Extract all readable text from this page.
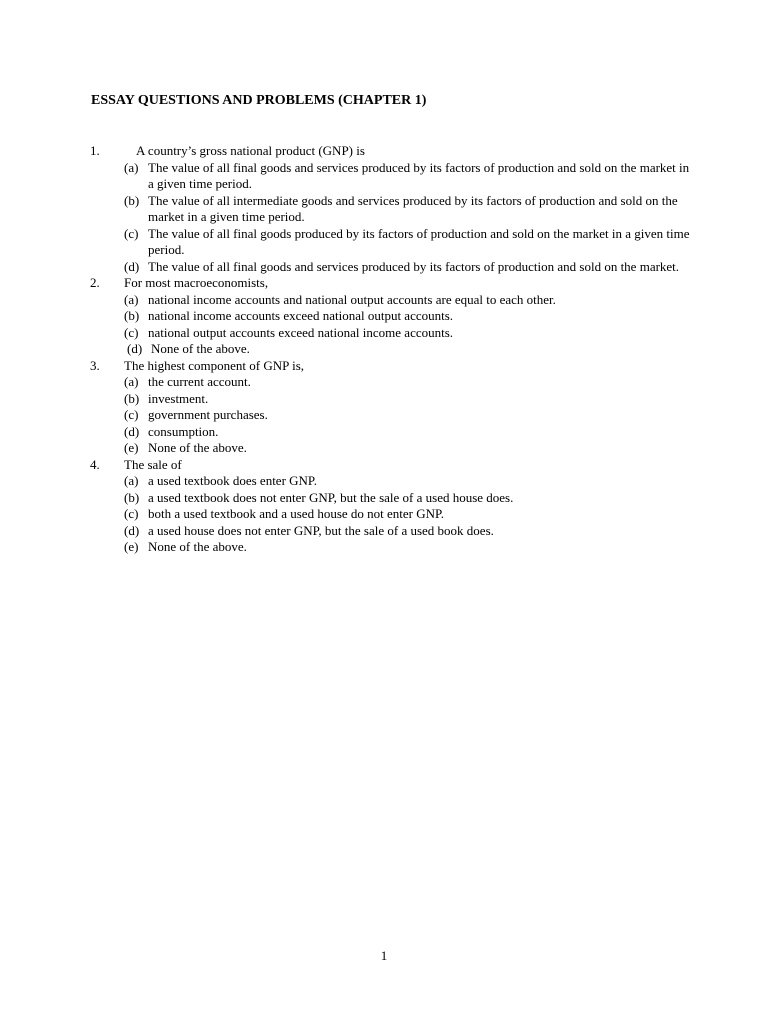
ESSAY QUESTIONS AND PROBLEMS (CHAPTER 1)
1.	A country’s gross national product (GNP) is
(a) The value of all final goods and services produced by its factors of production and sold on the market in a given time period.
(b) The value of all intermediate goods and services produced by its factors of production and sold on the market in a given time period.
(c) The value of all final goods produced by its factors of production and sold on the market in a given time period.
(d) The value of all final goods and services produced by its factors of production and sold on the market.
2. For most macroeconomists,
(a) national income accounts and national output accounts are equal to each other.
(b) national income accounts exceed national output accounts.
(c) national output accounts exceed national income accounts.
(d) None of the above.
3. The highest component of GNP is,
(a) the current account.
(b) investment.
(c) government purchases.
(d) consumption.
(e) None of the above.
4. The sale of
(a) a used textbook does enter GNP.
(b) a used textbook does not enter GNP, but the sale of a used house does.
(c) both a used textbook and a used house do not enter GNP.
(d) a used house does not enter GNP, but the sale of a used book does.
(e) None of the above.
1
